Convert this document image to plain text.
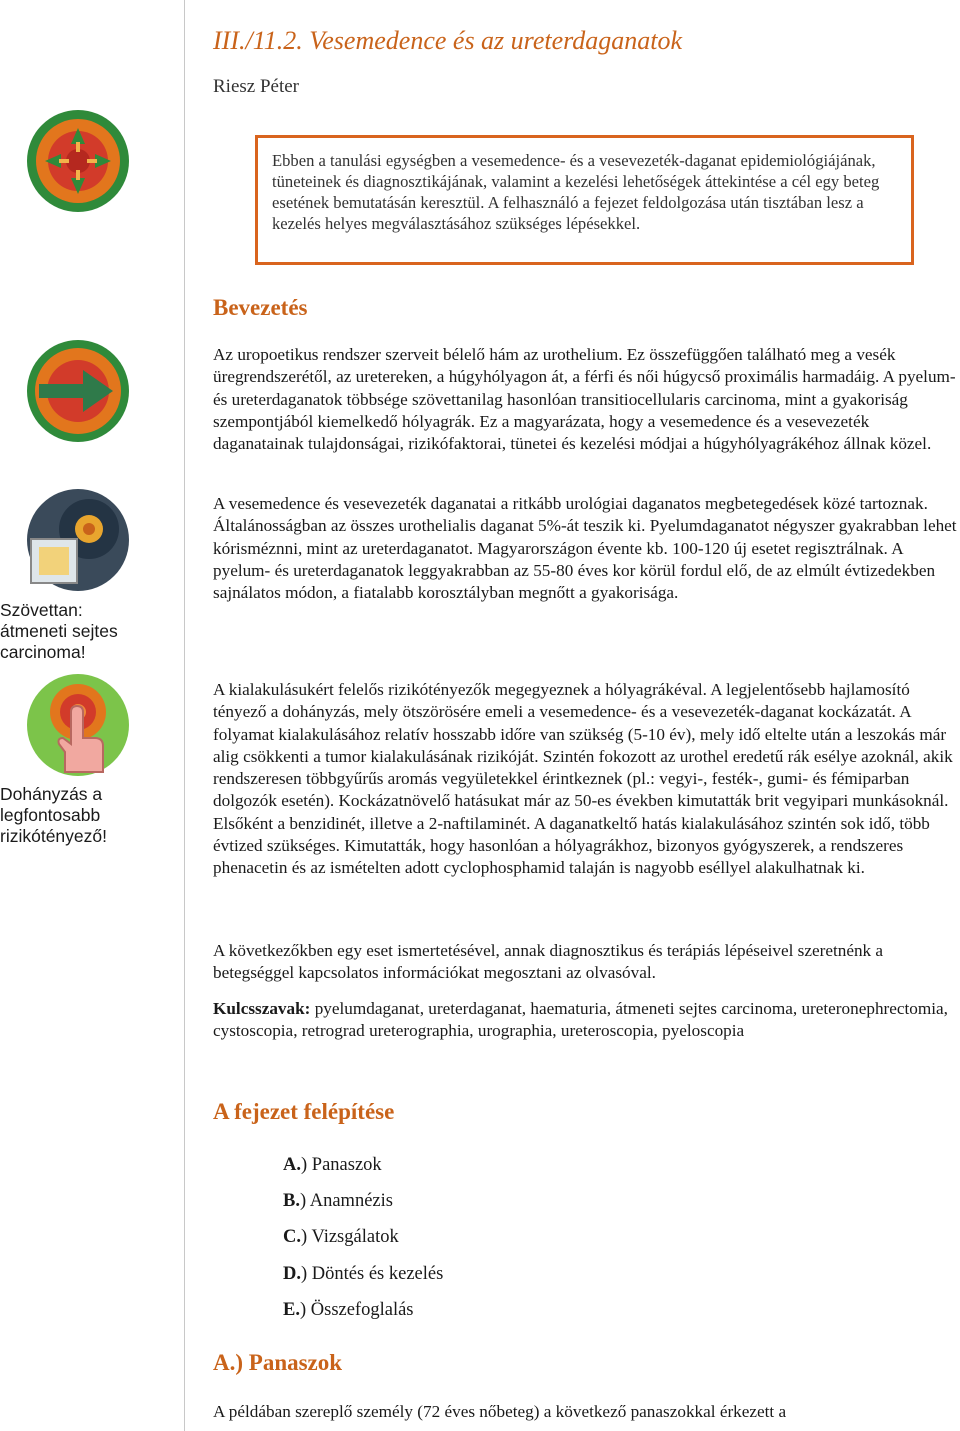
III./11.2. Vesemedence és az ureterdaganatok
Riesz Péter
Ebben a tanulási egységben a vesemedence- és a vesevezeték-daganat epidemiológiájának, tüneteinek és diagnosztikájának, valamint a kezelési lehetőségek áttekintése a cél egy beteg esetének bemutatásán keresztül. A felhasználó a fejezet feldolgozása után tisztában lesz a kezelés helyes megválasztásához szükséges lépésekkel.
Bevezetés
Az uropoetikus rendszer szerveit bélelő hám az urothelium. Ez összefüggően található meg a vesék üregrendszerétől, az uretereken, a húgyhólyagon át, a férfi és női húgycső proximális harmadáig. A pyelum- és ureterdaganatok többsége szövettanilag hasonlóan transitiocellularis carcinoma, mint a gyakoriság szempontjából kiemelkedő hólyagrák. Ez a magyarázata, hogy a vesemedence és a vesevezeték daganatainak tulajdonságai, rizikófaktorai, tünetei és kezelési módjai a húgyhólyagrákéhoz állnak közel.
A vesemedence és vesevezeték daganatai a ritkább urológiai daganatos megbetegedések közé tartoznak. Általánosságban az összes urothelialis daganat 5%-át teszik ki. Pyelumdaganatot négyszer gyakrabban lehet kórisméznni, mint az ureterdaganatot. Magyarországon évente kb. 100-120 új esetet regisztrálnak. A pyelum- és ureterdaganatok leggyakrabban az 55-80 éves kor körül fordul elő, de az elmúlt évtizedekben sajnálatos módon, a fiatalabb korosztályban megnőtt a gyakorisága.
Szövettan: átmeneti sejtes carcinoma!
A kialakulásukért felelős rizikótényezők megegyeznek a hólyagrákéval. A legjelentősebb hajlamosító tényező a dohányzás, mely ötszörösére emeli a vesemedence- és a vesevezeték-daganat kockázatát. A folyamat kialakulásához relatív hosszabb időre van szükség (5-10 év), mely idő eltelte után a leszokás már alig csökkenti a tumor kialakulásának rizikóját. Szintén fokozott az urothel eredetű rák esélye azoknál, akik rendszeresen többgyűrűs aromás vegyületekkel érintkeznek (pl.: vegyi-, festék-, gumi- és fémiparban dolgozók esetén). Kockázatnövelő hatásukat már az 50-es években kimutatták brit vegyipari munkásoknál. Elsőként a benzidinét, illetve a 2-naftilaminét. A daganatkeltő hatás kialakulásához szintén sok idő, több évtized szükséges. Kimutatták, hogy hasonlóan a hólyagrákhoz, bizonyos gyógyszerek, a rendszeres phenacetin és az ismételten adott cyclophosphamid talaján is nagyobb eséllyel alakulhatnak ki.
Dohányzás a legfontosabb rizikótényező!
A következőkben egy eset ismertetésével, annak diagnosztikus és terápiás lépéseivel szeretnénk a betegséggel kapcsolatos információkat megosztani az olvasóval.
Kulcsszavak: pyelumdaganat, ureterdaganat, haematuria, átmeneti sejtes carcinoma, ureteronephrectomia, cystoscopia, retrograd ureterographia, urographia, ureteroscopia, pyeloscopia
A fejezet felépítése
A.) Panaszok
B.) Anamnézis
C.) Vizsgálatok
D.) Döntés és kezelés
E.) Összefoglalás
A.) Panaszok
A példában szereplő személy (72 éves nőbeteg) a következő panaszokkal érkezett a
